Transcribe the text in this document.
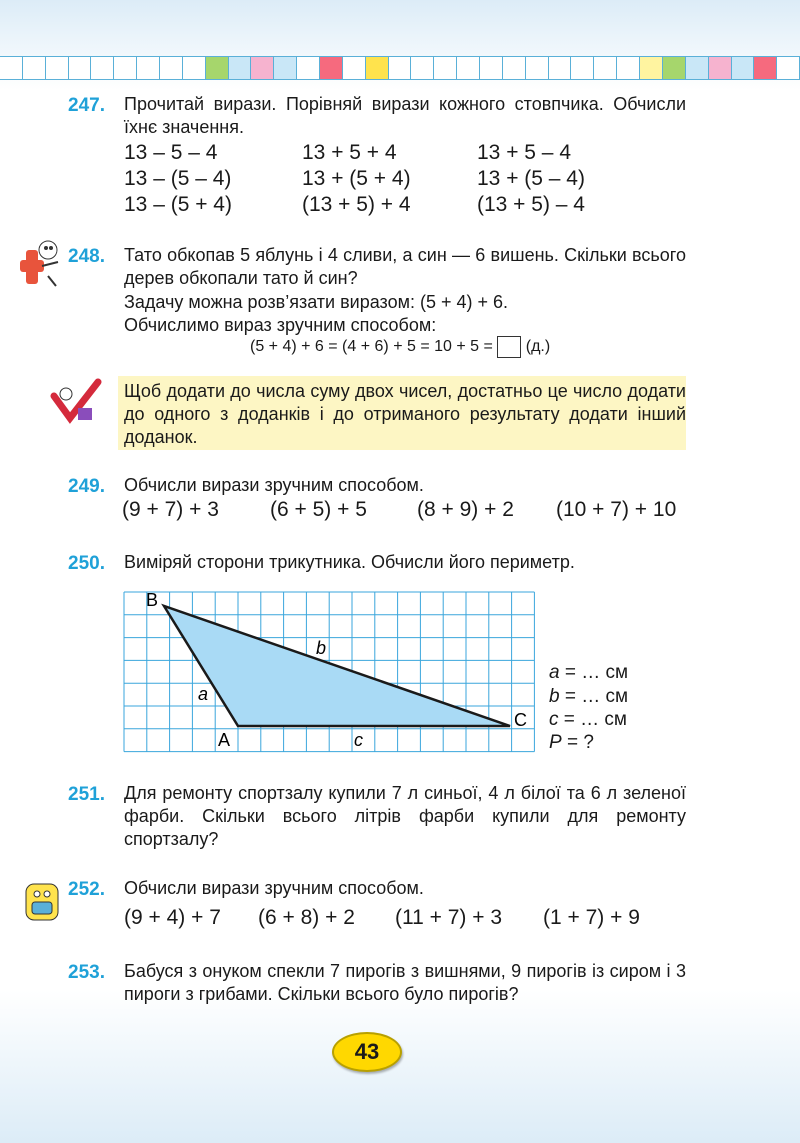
247. Прочитай вирази. Порівняй вирази кожного стовпчика. Обчисли їхнє значення.
13 – 5 – 4
13 – (5 – 4)
13 – (5 + 4)
13 + 5 + 4
13 + (5 + 4)
(13 + 5) + 4
13 + 5 – 4
13 + (5 – 4)
(13 + 5) – 4
248. Тато обкопав 5 яблунь і 4 сливи, а син — 6 вишень. Скільки всього дерев обкопали тато й син?
Задачу можна розв’язати виразом: (5 + 4) + 6.
Обчислимо вираз зручним способом:
(5 + 4) + 6 = (4 + 6) + 5 = 10 + 5 = (д.)
Щоб додати до числа суму двох чисел, достатньо це число додати до одного з доданків і до отриманого результату додати інший доданок.
249. Обчисли вирази зручним способом.
(9 + 7) + 3 (6 + 5) + 5 (8 + 9) + 2 (10 + 7) + 10
250. Виміряй сторони трикутника. Обчисли його периметр.
B
A
C
a
b
c
a = … см
b = … см
c = … см
P = ?
251. Для ремонту спортзалу купили 7 л синьої, 4 л білої та 6 л зеленої фарби. Скільки всього літрів фарби купили для ремонту спортзалу?
252. Обчисли вирази зручним способом.
(9 + 4) + 7 (6 + 8) + 2 (11 + 7) + 3 (1 + 7) + 9
253. Бабуся з онуком спекли 7 пирогів з вишнями, 9 пирогів із сиром і 3 пироги з грибами. Скільки всього було пирогів?
43
